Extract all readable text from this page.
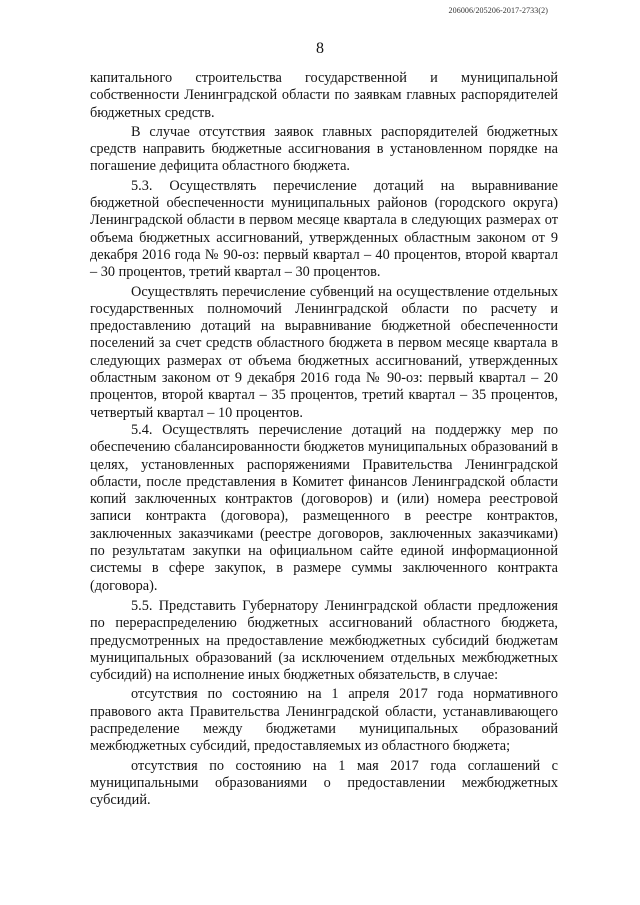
206006/205206-2017-2733(2)
8

капитального строительства государственной и муниципальной собственности Ленинградской области по заявкам главных распорядителей бюджетных средств.

В случае отсутствия заявок главных распорядителей бюджетных средств направить бюджетные ассигнования в установленном порядке на погашение дефицита областного бюджета.

5.3. Осуществлять перечисление дотаций на выравнивание бюджетной обеспеченности муниципальных районов (городского округа) Ленинградской области в первом месяце квартала в следующих размерах от объема бюджетных ассигнований, утвержденных областным законом от 9 декабря 2016 года № 90-оз: первый квартал – 40 процентов, второй квартал – 30 процентов, третий квартал – 30 процентов.

Осуществлять перечисление субвенций на осуществление отдельных государственных полномочий Ленинградской области по расчету и предоставлению дотаций на выравнивание бюджетной обеспеченности поселений за счет средств областного бюджета в первом месяце квартала в следующих размерах от объема бюджетных ассигнований, утвержденных областным законом от 9 декабря 2016 года № 90-оз: первый квартал – 20 процентов, второй квартал – 35 процентов, третий квартал – 35 процентов, четвертый квартал – 10 процентов.

5.4. Осуществлять перечисление дотаций на поддержку мер по обеспечению сбалансированности бюджетов муниципальных образований в целях, установленных распоряжениями Правительства Ленинградской области, после представления в Комитет финансов Ленинградской области копий заключенных контрактов (договоров) и (или) номера реестровой записи контракта (договора), размещенного в реестре контрактов, заключенных заказчиками (реестре договоров, заключенных заказчиками) по результатам закупки на официальном сайте единой информационной системы в сфере закупок, в размере суммы заключенного контракта (договора).

5.5. Представить Губернатору Ленинградской области предложения по перераспределению бюджетных ассигнований областного бюджета, предусмотренных на предоставление межбюджетных субсидий бюджетам муниципальных образований (за исключением отдельных межбюджетных субсидий) на исполнение иных бюджетных обязательств, в случае:

отсутствия по состоянию на 1 апреля 2017 года нормативного правового акта Правительства Ленинградской области, устанавливающего распределение между бюджетами муниципальных образований межбюджетных субсидий, предоставляемых из областного бюджета;

отсутствия по состоянию на 1 мая 2017 года соглашений с муниципальными образованиями о предоставлении межбюджетных субсидий.
